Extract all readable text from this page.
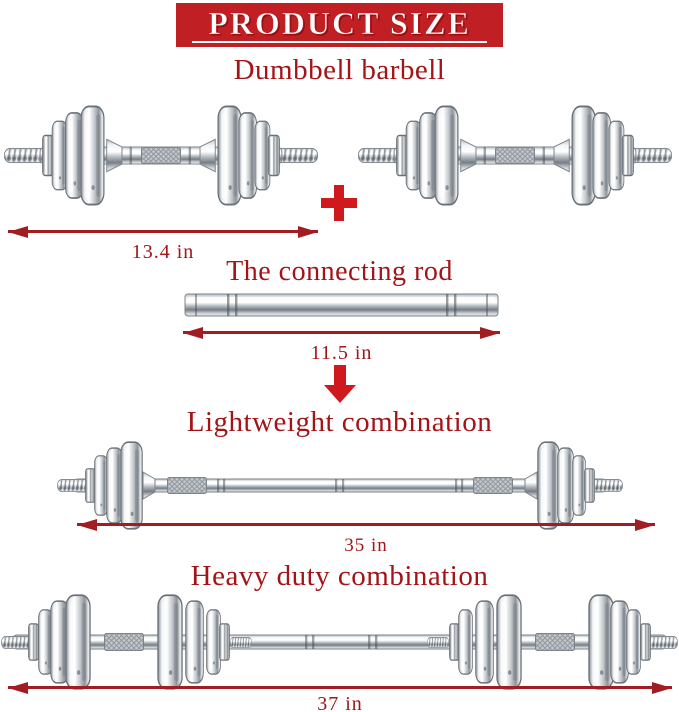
PRODUCT SIZE
Dumbbell barbell
13.4 in
The connecting rod
11.5 in
Lightweight combination
35 in
Heavy duty combination
37 in
